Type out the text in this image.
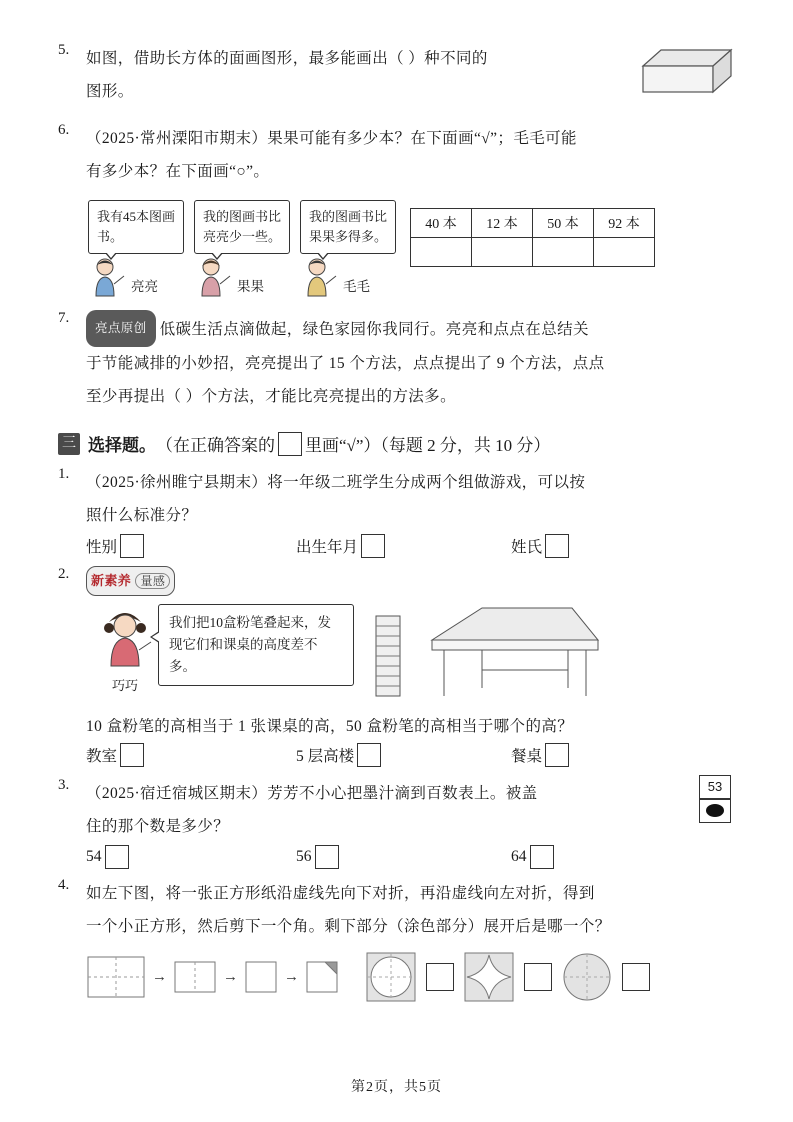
5.	如图，借助长方体的面画图形，最多能画出（ ）种不同的
图形。
6.	（2025·常州溧阳市期末）果果可能有多少本？在下面画“√”；毛毛可能
有多少本？在下面画“○”。
我有45本图画书。
我的图画书比亮亮少一些。
我的图画书比果果多得多。
亮亮	果果	毛毛
40 本	12 本	50 本	92 本

7.
亮点原创 低碳生活点滴做起，绿色家园你我同行。亮亮和点点在总结关
于节能减排的小妙招，亮亮提出了 15 个方法，点点提出了 9 个方法，点点
至少再提出（ ）个方法，才能比亮亮提出的方法多。
三 选择题。 （在正确答案的 里画“√”）（每题 2 分，共 10 分）
1.	（2025·徐州睢宁县期末）将一年级二班学生分成两个组做游戏，可以按
照什么标准分？
性别	出生年月	姓氏
2.	新素养 量感
巧巧
我们把10盒粉笔叠起来，发现它们和课桌的高度差不多。
10 盒粉笔的高相当于 1 张课桌的高，50 盒粉笔的高相当于哪个的高？
教室	5 层高楼	餐桌
3.	（2025·宿迁宿城区期末）芳芳不小心把墨汁滴到百数表上。被盖
住的那个数是多少？
53
54	56	64
4.	如左下图，将一张正方形纸沿虚线先向下对折，再沿虚线向左对折，得到
一个小正方形，然后剪下一个角。剩下部分（涂色部分）展开后是哪一个？
→	→	→
第2页，共5页
